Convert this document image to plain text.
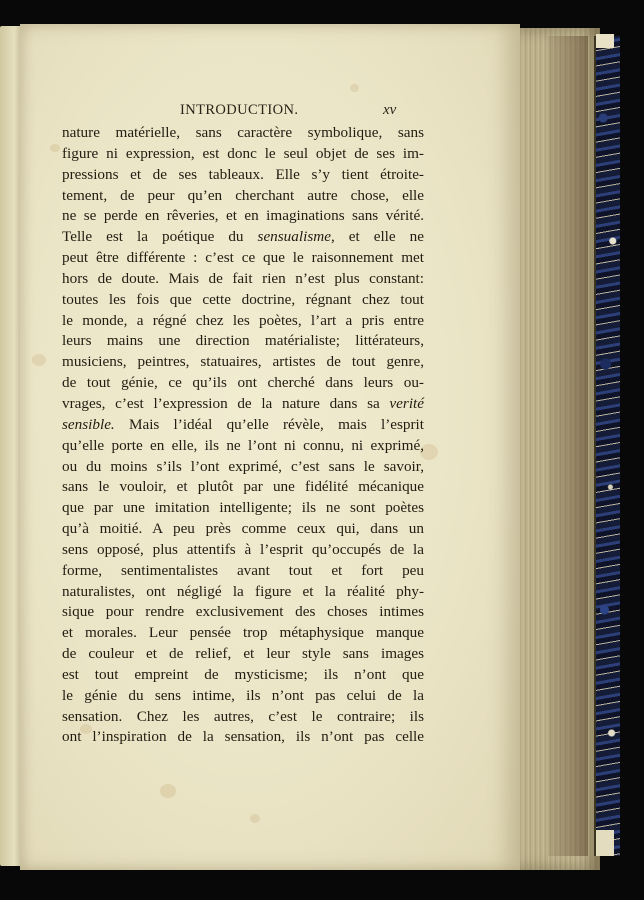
INTRODUCTION.	xv
nature matérielle, sans caractère symbolique, sans
figure ni expression, est donc le seul objet de ses im-
pressions et de ses tableaux. Elle s’y tient étroite-
tement, de peur qu’en cherchant autre chose, elle
ne se perde en rêveries, et en imaginations sans vérité.
Telle est la poétique du sensualisme, et elle ne
peut être différente : c’est ce que le raisonnement met
hors de doute. Mais de fait rien n’est plus constant:
toutes les fois que cette doctrine, régnant chez tout
le monde, a régné chez les poètes, l’art a pris entre
leurs mains une direction matérialiste; littérateurs,
musiciens, peintres, statuaires, artistes de tout genre,
de tout génie, ce qu’ils ont cherché dans leurs ou-
vrages, c’est l’expression de la nature dans sa verité
sensible. Mais l’idéal qu’elle révèle, mais l’esprit
qu’elle porte en elle, ils ne l’ont ni connu, ni exprimé,
ou du moins s’ils l’ont exprimé, c’est sans le savoir,
sans le vouloir, et plutôt par une fidélité mécanique
que par une imitation intelligente; ils ne sont poètes
qu’à moitié. A peu près comme ceux qui, dans un
sens opposé, plus attentifs à l’esprit qu’occupés de la
forme, sentimentalistes avant tout et fort peu
naturalistes, ont négligé la figure et la réalité phy-
sique pour rendre exclusivement des choses intimes
et morales. Leur pensée trop métaphysique manque
de couleur et de relief, et leur style sans images
est tout empreint de mysticisme; ils n’ont que
le génie du sens intime, ils n’ont pas celui de la
sensation. Chez les autres, c’est le contraire; ils
ont l’inspiration de la sensation, ils n’ont pas celle
